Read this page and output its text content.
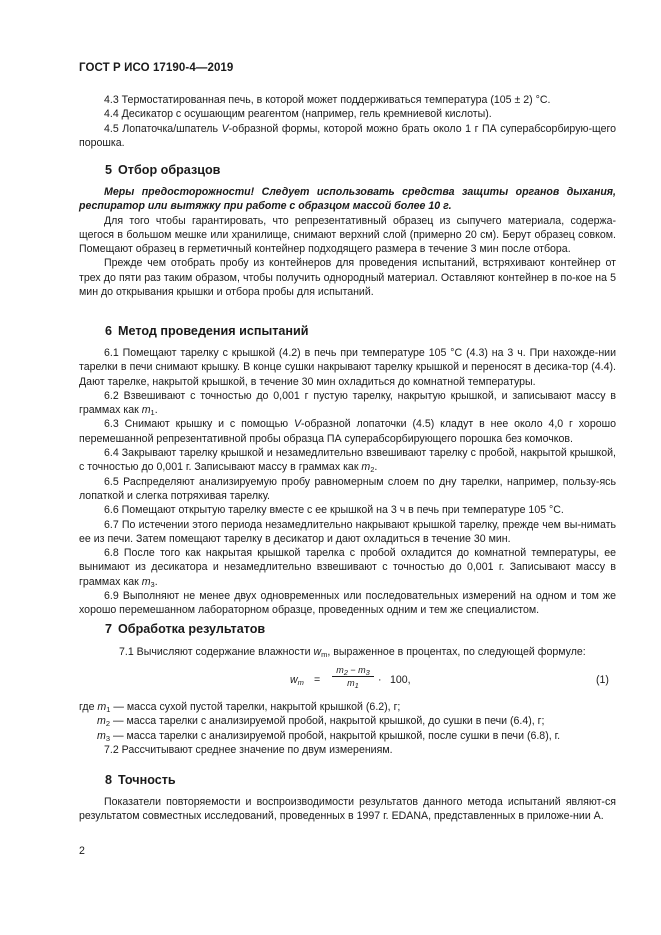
ГОСТ Р ИСО 17190-4—2019

4.3 Термостатированная печь, в которой может поддерживаться температура (105 ± 2) °С.

4.4 Десикатор с осушающим реагентом (например, гель кремниевой кислоты).

4.5 Лопаточка/шпатель V-образной формы, которой можно брать около 1 г ПА суперабсорбирую-щего порошка.

5 Отбор образцов

Меры предосторожности! Следует использовать средства защиты органов дыхания, респиратор или вытяжку при работе с образцом массой более 10 г.

Для того чтобы гарантировать, что репрезентативный образец из сыпучего материала, содержа-щегося в большом мешке или хранилище, снимают верхний слой (примерно 20 см). Берут образец совком. Помещают образец в герметичный контейнер подходящего размера в течение 3 мин после отбора.

Прежде чем отобрать пробу из контейнеров для проведения испытаний, встряхивают контейнер от трех до пяти раз таким образом, чтобы получить однородный материал. Оставляют контейнер в по-кое на 5 мин до открывания крышки и отбора пробы для испытаний.

6 Метод проведения испытаний

6.1 Помещают тарелку с крышкой (4.2) в печь при температуре 105 °С (4.3) на 3 ч. При нахожде-нии тарелки в печи снимают крышку. В конце сушки накрывают тарелку крышкой и переносят в десика-тор (4.4). Дают тарелке, накрытой крышкой, в течение 30 мин охладиться до комнатной температуры.

6.2 Взвешивают с точностью до 0,001 г пустую тарелку, накрытую крышкой, и записывают массу в граммах как $m_1$.

6.3 Снимают крышку и с помощью V-образной лопаточки (4.5) кладут в нее около 4,0 г хорошо перемешанной репрезентативной пробы образца ПА суперабсорбирующего порошка без комочков.

6.4 Закрывают тарелку крышкой и незамедлительно взвешивают тарелку с пробой, накрытой крышкой, с точностью до 0,001 г. Записывают массу в граммах как $m_2$.

6.5 Распределяют анализируемую пробу равномерным слоем по дну тарелки, например, пользу-ясь лопаткой и слегка потряхивая тарелку.

6.6 Помещают открытую тарелку вместе с ее крышкой на 3 ч в печь при температуре 105 °С.

6.7 По истечении этого периода незамедлительно накрывают крышкой тарелку, прежде чем вы-нимать ее из печи. Затем помещают тарелку в десикатор и дают охладиться в течение 30 мин.

6.8 После того как накрытая крышкой тарелка с пробой охладится до комнатной температуры, ее вынимают из десикатора и незамедлительно взвешивают с точностью до 0,001 г. Записывают массу в граммах как $m_3$.

6.9 Выполняют не менее двух одновременных или последовательных измерений на одном и том же хорошо перемешанном лабораторном образце, проведенных одним и тем же специалистом.

7 Обработка результатов

7.1 Вычисляют содержание влажности $w_m$, выраженное в процентах, по следующей формуле:

$w_m = \frac{m_2 - m_3}{m_1} \cdot 100$,	(1)
где $m_1$ — масса сухой пустой тарелки, накрытой крышкой (6.2), г;
$m_2$ — масса тарелки с анализируемой пробой, накрытой крышкой, до сушки в печи (6.4), г;
$m_3$ — масса тарелки с анализируемой пробой, накрытой крышкой, после сушки в печи (6.8), г.
7.2 Рассчитывают среднее значение по двум измерениям.
8 Точность

Показатели повторяемости и воспроизводимости результатов данного метода испытаний являют-ся результатом совместных исследований, проведенных в 1997 г. EDANA, представленных в приложе-нии А.

2
